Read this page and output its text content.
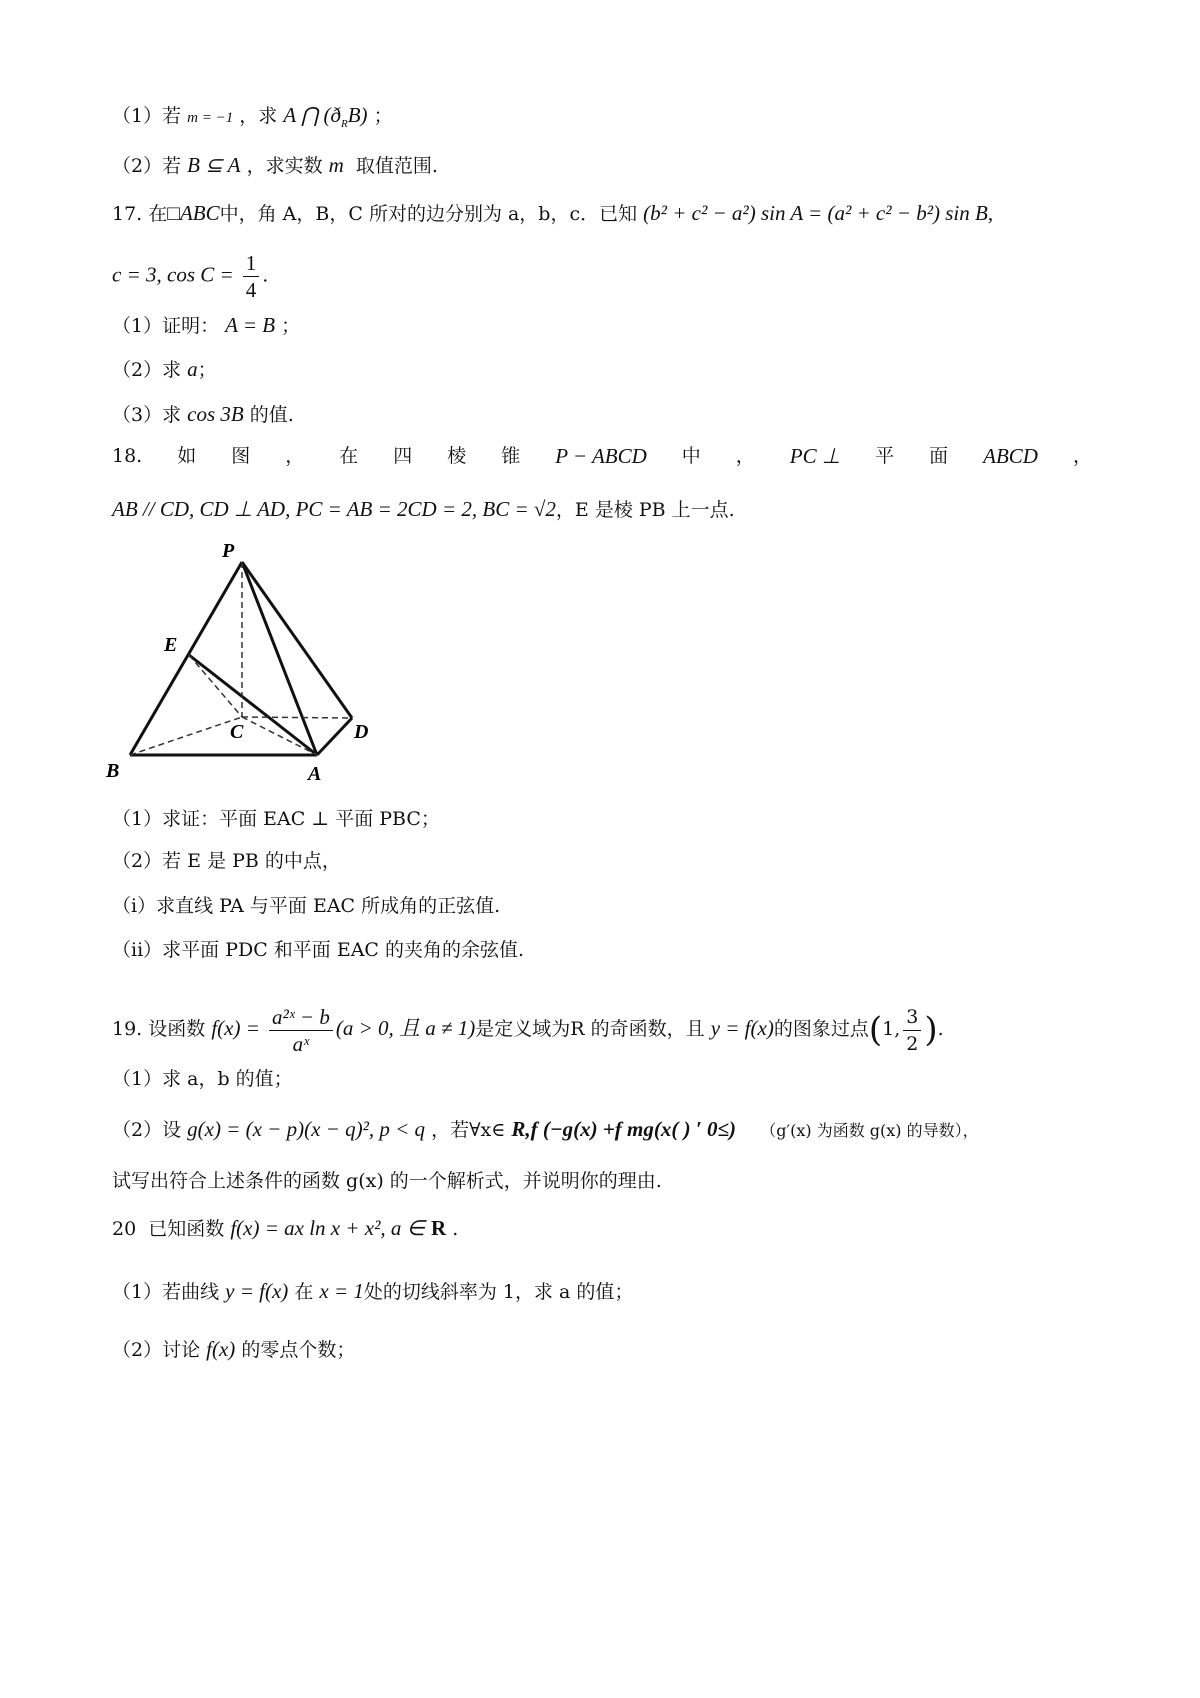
（1）若 m = −1 ，求 A ⋂ $(ð_RB)$ ；
（2）若 B ⊆ A ，求实数 m 取值范围.
17. 在□ABC中，角 A，B，C 所对的边分别为 a，b，c．已知 (b² + c² − a²) sin A = (a² + c² − b²) sin B,
c = 3, $\cos C = \frac{1}{4}$ .
（1）证明： A = B ；
（2）求 a；
（3）求 cos 3B 的值.
18. 如 图 ， 在 四 棱 锥 P − ABCD 中 ， PC ⊥ 平 面 ABCD ，
AB // CD, CD ⊥ AD, PC = AB = 2CD = 2, BC = √2，E 是棱 PB 上一点.
P
E
C	D
B	A
（1）求证：平面 EAC ⊥ 平面 PBC；
（2）若 E 是 PB 的中点，
（i）求直线 PA 与平面 EAC 所成角的正弦值.
（ii）求平面 PDC 和平面 EAC 的夹角的余弦值.
19. 设函数 $f(x) = \frac{\text{a²ˣ − b}}{\text{aˣ}} (a > 0$, 且 a ≠ 1)是定义域为R 的奇函数，且 y = f(x)的图象过点(1, $\frac{3}{2}$ ).
（1）求 a，b 的值；
（2）设 g(x) = (x − p)(x − q)², p < q ，若∀x∈ R,f (−g(x) +f mg(x( ) ′ 0≤) （g′(x) 为函数 g(x) 的导数），
试写出符合上述条件的函数 g(x) 的一个解析式，并说明你的理由.
20 已知函数 f(x) = ax ln x + x², a ∈ R .
（1）若曲线 y = f(x) 在 x = 1处的切线斜率为 1，求 a 的值；
（2）讨论 f(x) 的零点个数；
